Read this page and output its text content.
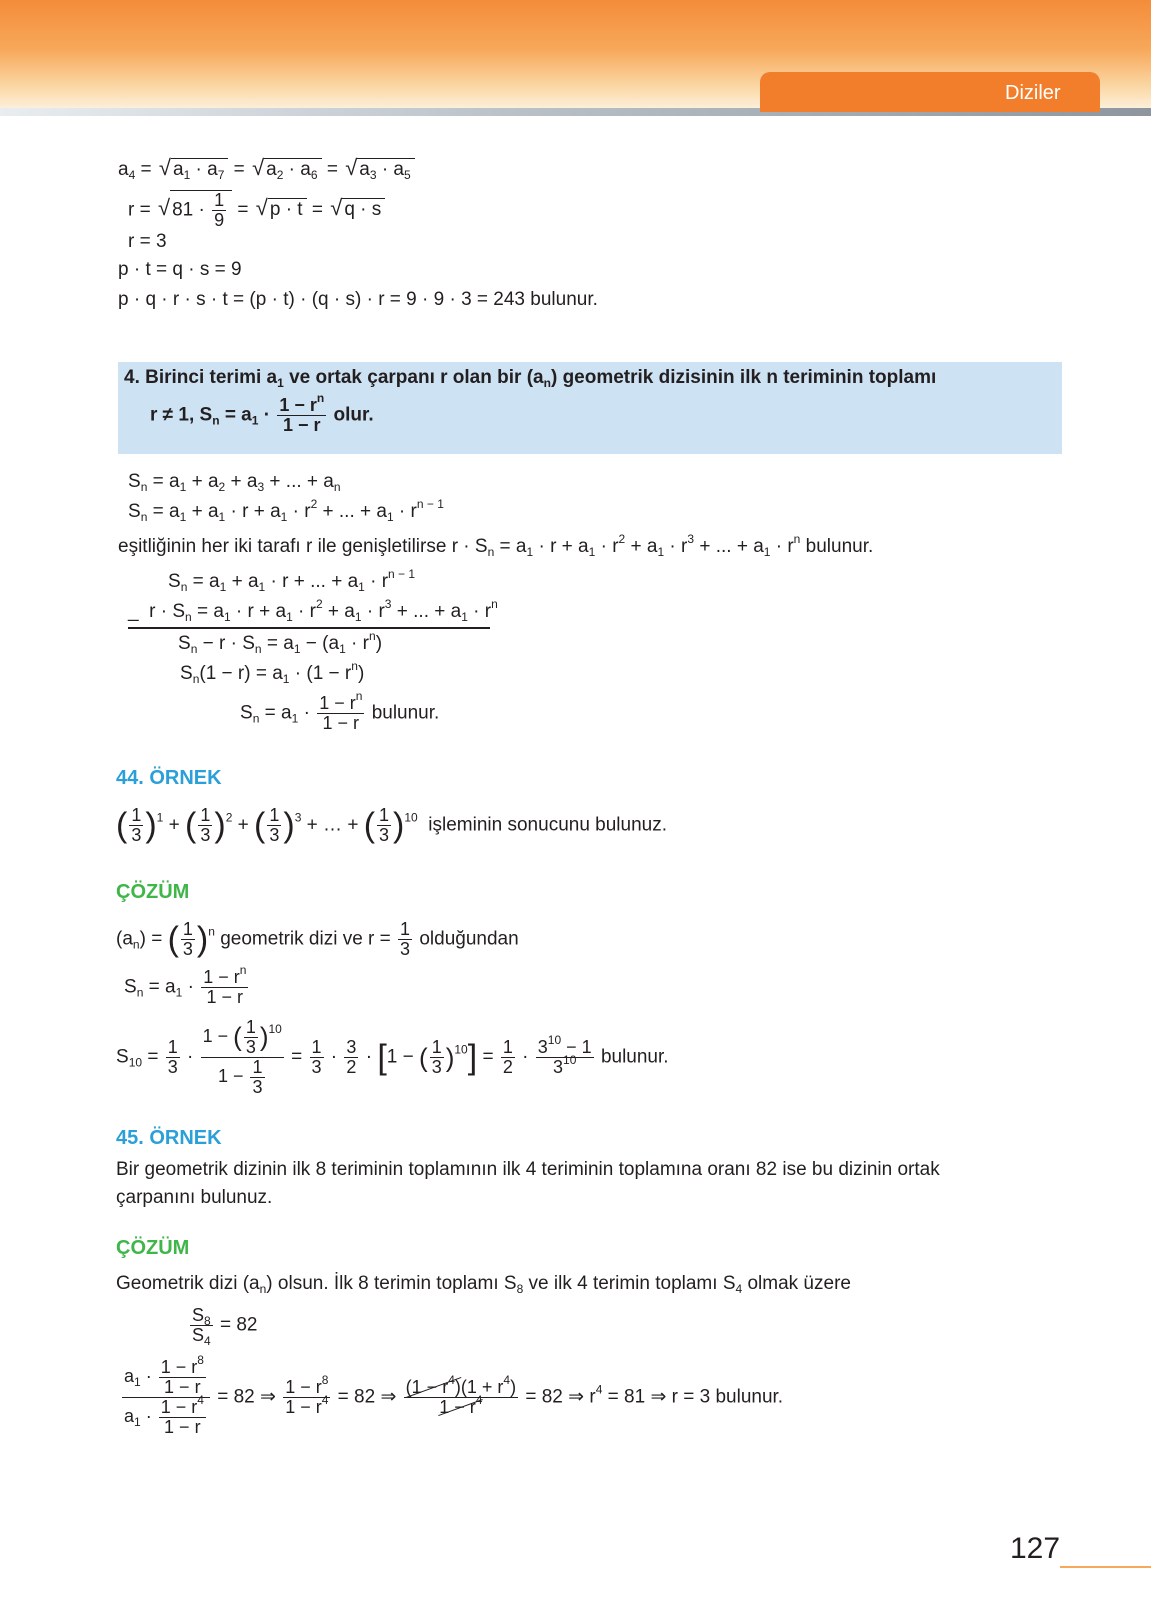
Diziler
$a_4$ = √ $a_1 \cdot a_7$ = √ $a_2 \cdot a_6$ = √ $a_3 \cdot a_5$
r = √ $81 \cdot \frac{1}{9}$ = √ p · t = √ q · s
r = 3
p · t = q · s = 9
p · q · r · s · t = (p · t) · (q · s) · r = 9 · 9 · 3 = 243 bulunur.
4. Birinci terimi $a_1$ ve ortak çarpanı r olan bir $(a_n)$ geometrik dizisinin ilk n teriminin toplamı
r ≠ 1, $S_n = a_1 \cdot \frac{1 - r^n}{1 - r}$ olur.
$S_n = a_1 + a_2 + a_3$ + ... + $a_n$
$S_n = a_1 + a_1 \cdot r + a_1 \cdot r^2$ + ... + $a_1 \cdot r^{n - 1}$
eşitliğinin her iki tarafı r ile genişletilirse $r \cdot S_n = a_1 \cdot r + a_1 \cdot r^2 + a_1 \cdot r^3$ + ... + $a_1 \cdot r^n$ bulunur.
$S_n = a_1 + a_1 \cdot r$ + ... + $a_1 \cdot r^{n - 1}$
_  $r \cdot S_n = a_1 \cdot r + a_1 \cdot r^2 + a_1 \cdot r^3$ + ... + $a_1 \cdot r^n$
$S_n - r \cdot S_n = a_1 - (a_1 \cdot r^n)$
$S_n(1 - r) = a_1 \cdot (1 - r^n)$
$S_n = a_1 \cdot \frac{1 - r^n}{1 - r}$ bulunur.
44. ÖRNEK
( $\frac{1}{3} )^1$ + ( $\frac{1}{3} )^2$ + ( $\frac{1}{3} )^3$ + … + ( $\frac{1}{3} )^{10}$ işleminin sonucunu bulunuz.
ÇÖZÜM
$(a_n)$ = ( $\frac{1}{3} )^n$ geometrik dizi ve $r = \frac{1}{3}$ olduğundan
$S_n = a_1 \cdot \frac{1 - r^n}{1 - r}$
$S_{10} = \frac{1}{3} \cdot \frac{1 - ( \frac{1}{3} )^{10}}{1 - \frac{1}{3}} = \frac{1}{3} \cdot \frac{3}{2} \cdot [1$ − ( $\frac{1}{3} )^{10}] = \frac{1}{2} \cdot \frac{3^{10} - 1}{3^{10}}$ bulunur.
45. ÖRNEK
Bir geometrik dizinin ilk 8 teriminin toplamının ilk 4 teriminin toplamına oranı 82 ise bu dizinin ortak
çarpanını bulunuz.
ÇÖZÜM
Geometrik dizi $(a_n)$ olsun. İlk 8 terimin toplamı $S_8$ ve ilk 4 terimin toplamı $S_4$ olmak üzere
$\frac{S_8}{S_4} = 82$
$\frac{a_1 \cdot \frac{1 - r^8}{1 - r}}{a_1 \cdot \frac{1 - r^4}{1 - r}} = 82$ ⇒ $\frac{1 - r^8}{1 - r^4} = 82$ ⇒ $\frac{(1 - r^4)(1 + r^4)}{1 - r^4} = 82$ ⇒ $r^4 = 81$ ⇒ r = 3 bulunur.
127
